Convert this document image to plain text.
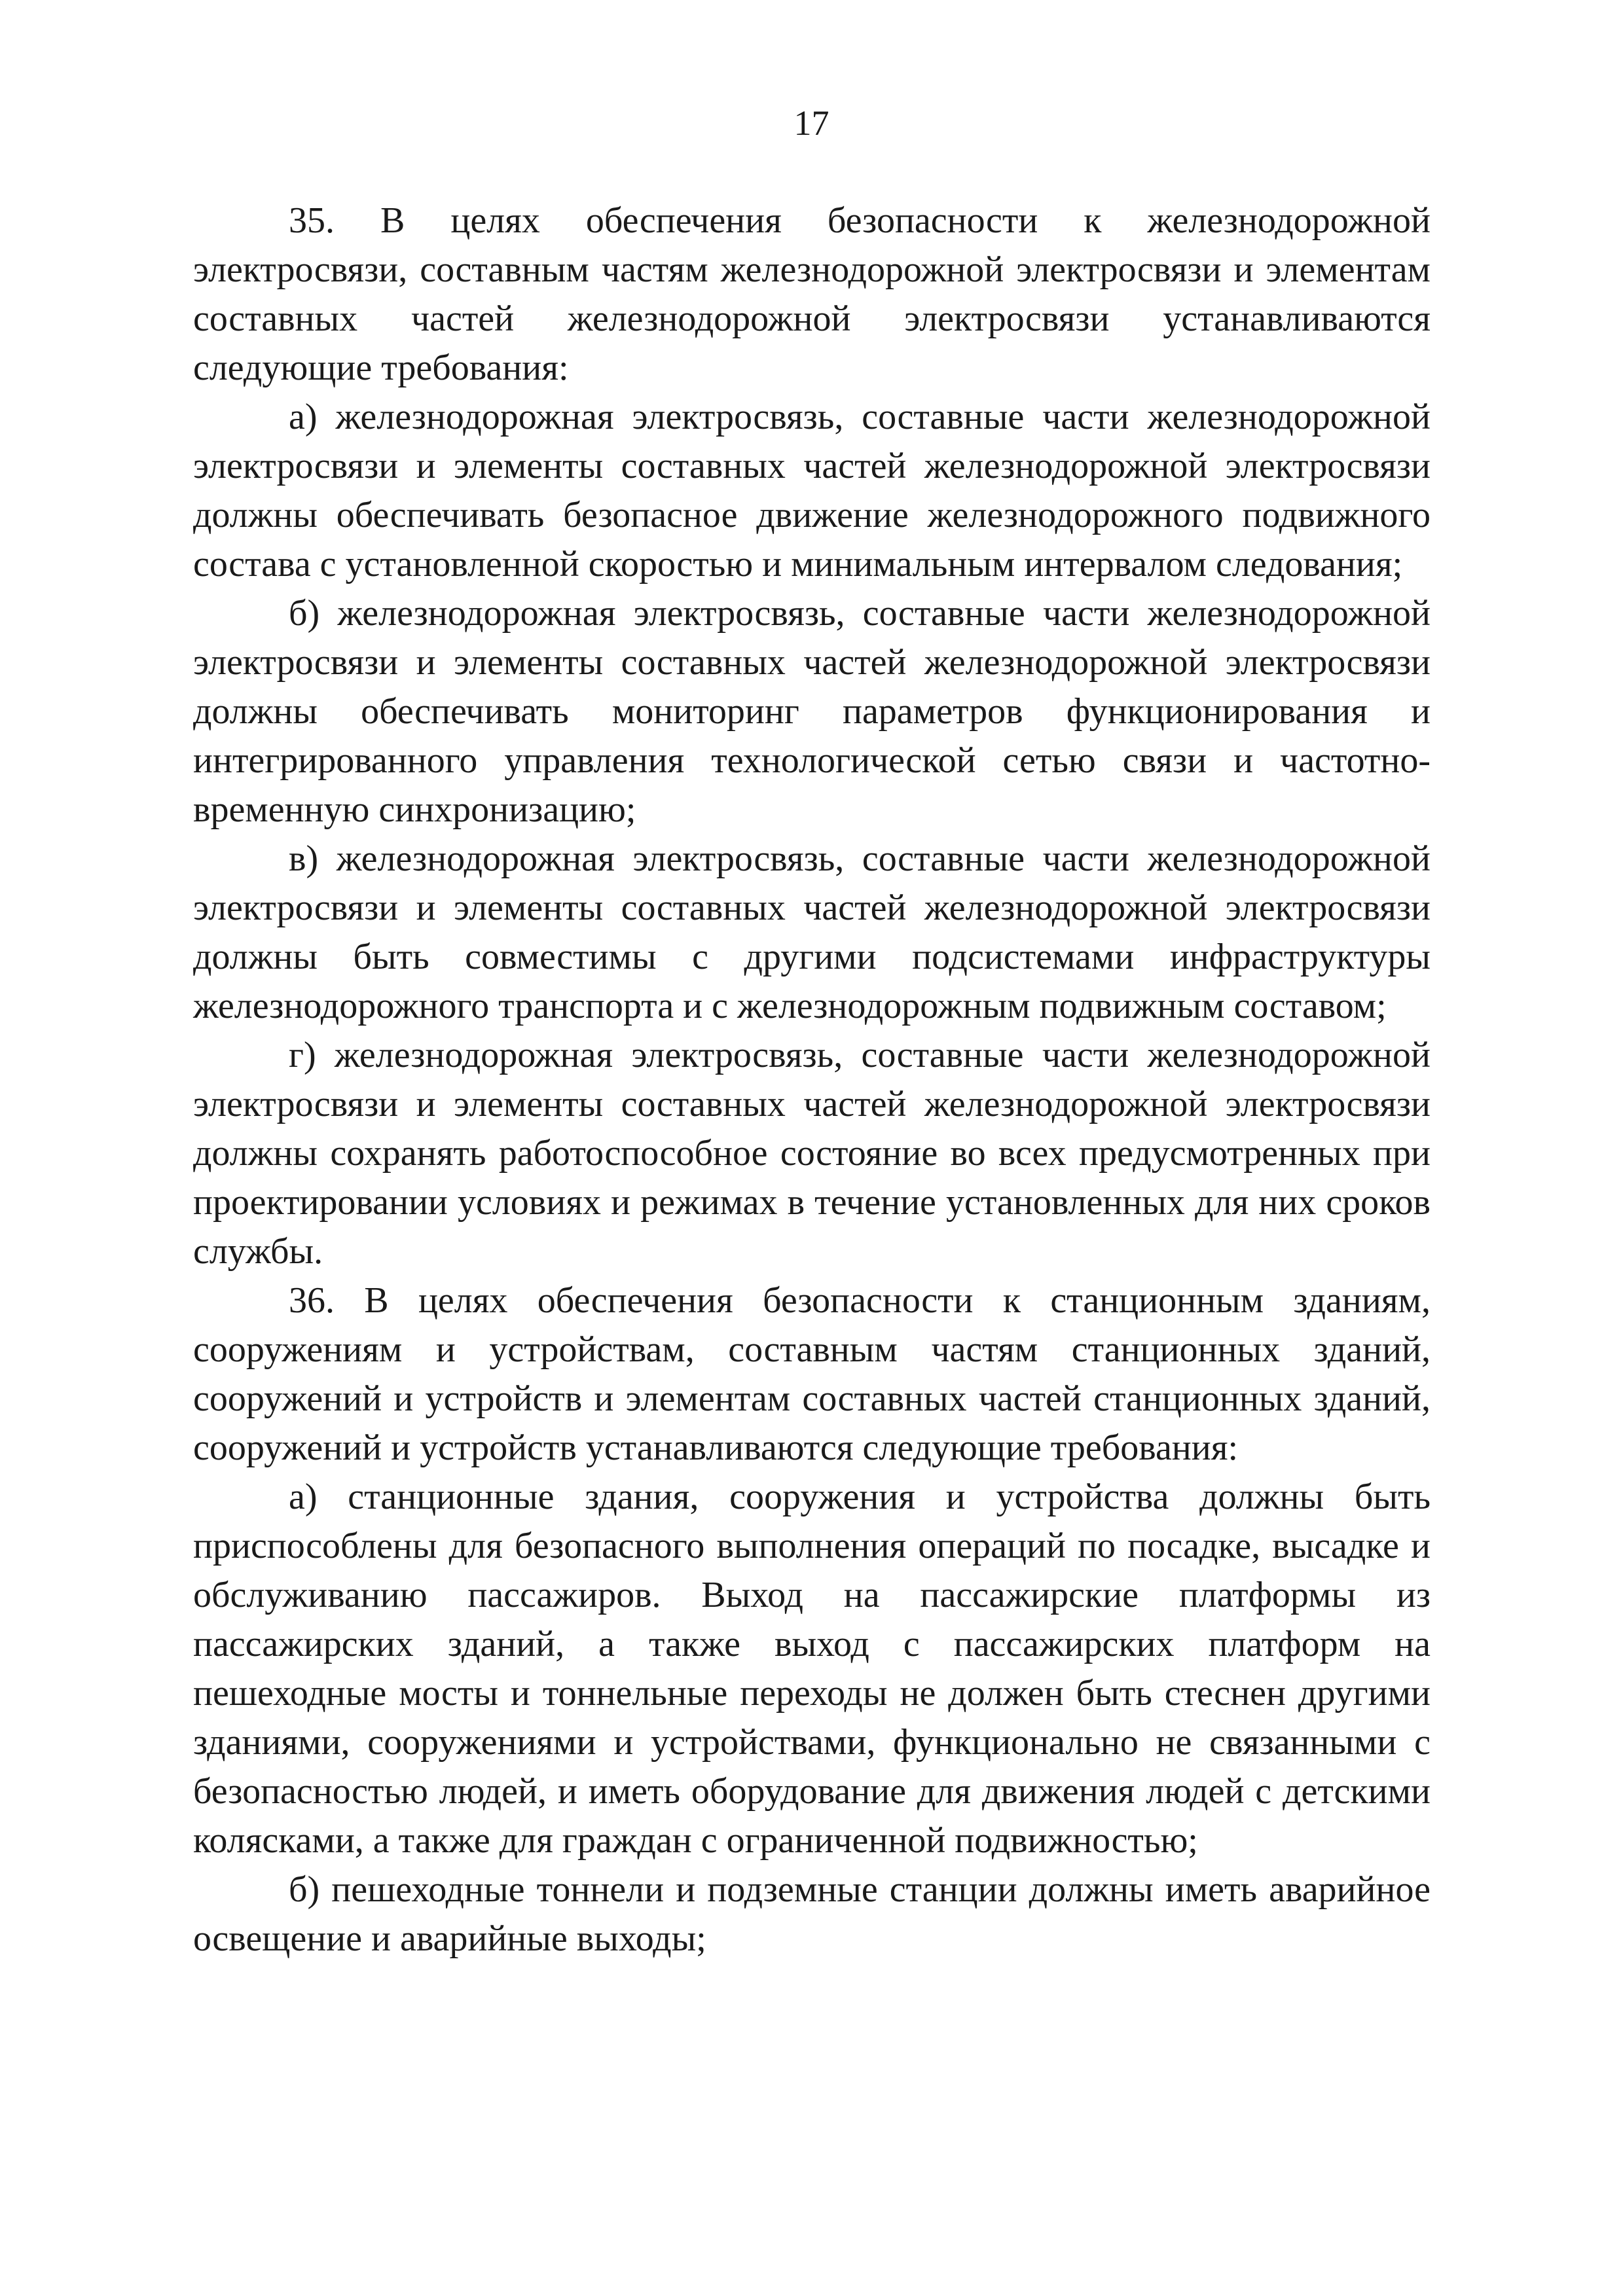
17

35. В целях обеспечения безопасности к железнодорожной электросвязи, составным частям железнодорожной электросвязи и элементам составных частей железнодорожной электросвязи устанавливаются следующие требования:

а) железнодорожная электросвязь, составные части железнодорожной электросвязи и элементы составных частей железнодорожной электросвязи должны обеспечивать безопасное движение железнодорожного подвижного состава с установленной скоростью и минимальным интервалом следования;

б) железнодорожная электросвязь, составные части железнодорожной электросвязи и элементы составных частей железнодорожной электросвязи должны обеспечивать мониторинг параметров функционирования и интегрированного управления технологической сетью связи и частотно-временную синхронизацию;

в) железнодорожная электросвязь, составные части железнодорожной электросвязи и элементы составных частей железнодорожной электросвязи должны быть совместимы с другими подсистемами инфраструктуры железнодорожного транспорта и с железнодорожным подвижным составом;

г) железнодорожная электросвязь, составные части железнодорожной электросвязи и элементы составных частей железнодорожной электросвязи должны сохранять работоспособное состояние во всех предусмотренных при проектировании условиях и режимах в течение установленных для них сроков службы.

36. В целях обеспечения безопасности к станционным зданиям, сооружениям и устройствам, составным частям станционных зданий, сооружений и устройств и элементам составных частей станционных зданий, сооружений и устройств устанавливаются следующие требования:

а) станционные здания, сооружения и устройства должны быть приспособлены для безопасного выполнения операций по посадке, высадке и обслуживанию пассажиров. Выход на пассажирские платформы из пассажирских зданий, а также выход с пассажирских платформ на пешеходные мосты и тоннельные переходы не должен быть стеснен другими зданиями, сооружениями и устройствами, функционально не связанными с безопасностью людей, и иметь оборудование для движения людей с детскими колясками, а также для граждан с ограниченной подвижностью;

б) пешеходные тоннели и подземные станции должны иметь аварийное освещение и аварийные выходы;
